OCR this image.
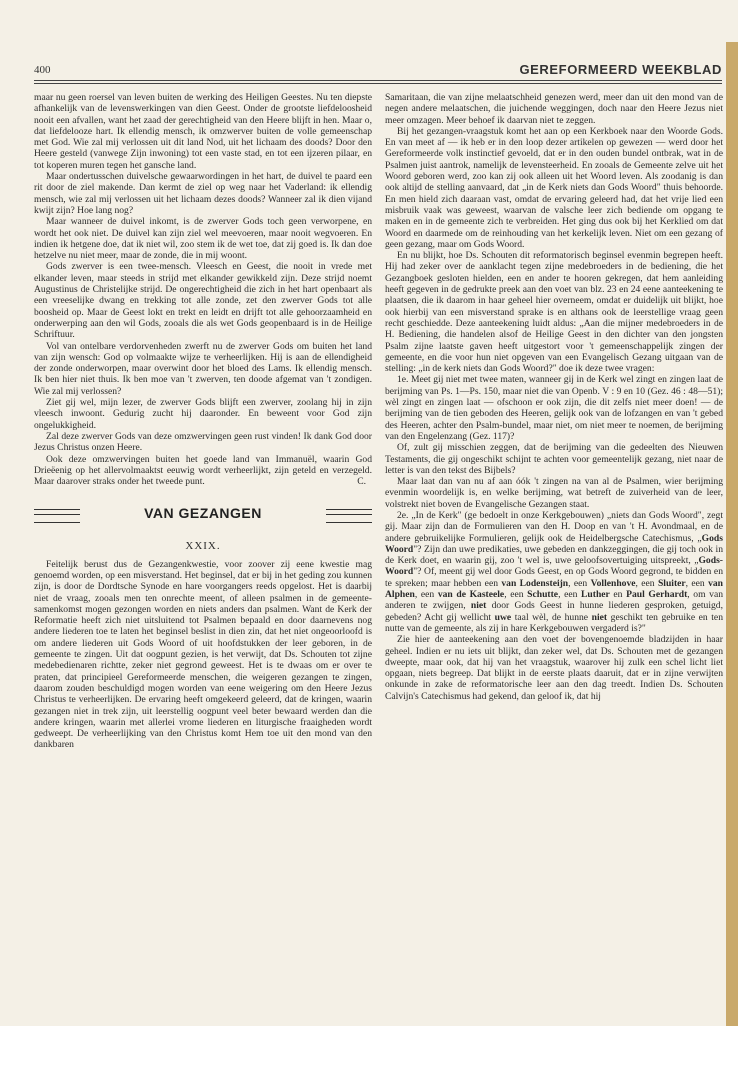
400	GEREFORMEERD WEEKBLAD

maar nu geen roersel van leven buiten de werking des Heiligen Geestes. Nu ten diepste afhankelijk van de levenswerkingen van dien Geest. Onder de grootste liefdeloosheid nooit een afvallen, want het zaad der gerechtigheid van den Heere blijft in hen. Maar o, dat liefdelooze hart. Ik ellendig mensch, ik omzwerver buiten de volle gemeenschap met God. Wie zal mij verlossen uit dit land Nod, uit het lichaam des doods? Door den Heere gesteld (vanwege Zijn inwoning) tot een vaste stad, en tot een ijzeren pilaar, en tot koperen muren tegen het gansche land.

Maar ondertusschen duivelsche gewaarwordingen in het hart, de duivel te paard een rit door de ziel makende. Dan kermt de ziel op weg naar het Vaderland: ik ellendig mensch, wie zal mij verlossen uit het lichaam dezes doods? Wanneer zal ik dien vijand kwijt zijn? Hoe lang nog?

Maar wanneer de duivel inkomt, is de zwerver Gods toch geen verworpene, en wordt het ook niet. De duivel kan zijn ziel wel meevoeren, maar nooit wegvoeren. En indien ik hetgene doe, dat ik niet wil, zoo stem ik de wet toe, dat zij goed is. Ik dan doe hetzelve nu niet meer, maar de zonde, die in mij woont.

Gods zwerver is een twee-mensch. Vleesch en Geest, die nooit in vrede met elkander leven, maar steeds in strijd met elkander gewikkeld zijn. Deze strijd noemt Augustinus de Christelijke strijd. De ongerechtigheid die zich in het hart openbaart als een vreeselijke dwang en trekking tot alle zonde, zet den zwerver Gods tot alle boosheid op. Maar de Geest lokt en trekt en leidt en drijft tot alle gehoorzaamheid en onderwerping aan den wil Gods, zooals die als wet Gods geopenbaard is in de Heilige Schriftuur.

Vol van ontelbare verdorvenheden zwerft nu de zwerver Gods om buiten het land van zijn wensch: God op volmaakte wijze te verheerlijken. Hij is aan de ellendigheid der zonde onderworpen, maar overwint door het bloed des Lams. Ik ellendig mensch. Ik ben hier niet thuis. Ik ben moe van 't zwerven, ten doode afgemat van 't zondigen. Wie zal mij verlossen?

Ziet gij wel, mijn lezer, de zwerver Gods blijft een zwerver, zoolang hij in zijn vleesch inwoont. Gedurig zucht hij daaronder. En beweent voor God zijn ongelukkigheid.

Zal deze zwerver Gods van deze omzwervingen geen rust vinden! Ik dank God door Jezus Christus onzen Heere.

Ook deze omzwervingen buiten het goede land van Immanuël, waarin God Drieëenig op het allervolmaaktst eeuwig wordt verheerlijkt, zijn geteld en verzegeld. Maar daarover straks onder het tweede punt.	C.

VAN GEZANGEN
XXIX.

Feitelijk berust dus de Gezangenkwestie, voor zoover zij eene kwestie mag genoemd worden, op een misverstand. Het beginsel, dat er bij in het geding zou kunnen zijn, is door de Dordtsche Synode en hare voorgangers reeds opgelost. Het is daarbij niet de vraag, zooals men ten onrechte meent, of alleen psalmen in de gemeente-samenkomst mogen gezongen worden en niets anders dan psalmen. Want de Kerk der Reformatie heeft zich niet uitsluitend tot Psalmen bepaald en door daarnevens nog andere liederen toe te laten het beginsel beslist in dien zin, dat het niet ongeoorloofd is om andere liederen uit Gods Woord of uit hoofdstukken der leer geboren, in de gemeente te zingen. Uit dat oogpunt gezien, is het verwijt, dat Ds. Schouten tot zijne medebedienaren richtte, zeker niet gegrond geweest. Het is te dwaas om er over te praten, dat principieel Gereformeerde menschen, die weigeren gezangen te zingen, daarom zouden beschuldigd mogen worden van eene weigering om den Heere Jezus Christus te verheerlijken. De ervaring heeft omgekeerd geleerd, dat de kringen, waarin gezangen niet in trek zijn, uit leerstellig oogpunt veel beter bewaard werden dan die andere kringen, waarin met allerlei vrome liederen en liturgische fraaigheden wordt gedweept. De verheerlijking van den Christus komt Hem toe uit den mond van den dankbaren

Samaritaan, die van zijne melaatschheid genezen werd, meer dan uit den mond van de negen andere melaatschen, die juichende weggingen, doch naar den Heere Jezus niet meer omzagen. Meer behoef ik daarvan niet te zeggen.

Bij het gezangen-vraagstuk komt het aan op een Kerkboek naar den Woorde Gods. En van meet af — ik heb er in den loop dezer artikelen op gewezen — werd door het Gereformeerde volk instinctief gevoeld, dat er in den ouden bundel ontbrak, wat in de Psalmen juist aantrok, namelijk de levensteerheid. En zooals de Gemeente zelve uit het Woord geboren werd, zoo kan zij ook alleen uit het Woord leven. Als zoodanig is dan ook altijd de stelling aanvaard, dat „in de Kerk niets dan Gods Woord" thuis behoorde. En men hield zich daaraan vast, omdat de ervaring geleerd had, dat het vrije lied een misbruik vaak was geweest, waarvan de valsche leer zich bediende om opgang te maken en in de gemeente zich te verbreiden. Het ging dus ook bij het Kerklied om dat Woord en daarmede om de reinhouding van het kerkelijk leven. Niet om een gezang of geen gezang, maar om Gods Woord.

En nu blijkt, hoe Ds. Schouten dit reformatorisch beginsel evenmin begrepen heeft. Hij had zeker over de aanklacht tegen zijne medebroeders in de bediening, die het Gezangboek gesloten hielden, een en ander te hooren gekregen, dat hem aanleiding heeft gegeven in de gedrukte preek aan den voet van blz. 23 en 24 eene aanteekening te plaatsen, die ik daarom in haar geheel hier overneem, omdat er duidelijk uit blijkt, hoe ook hierbij van een misverstand sprake is en althans ook de leerstellige vraag geen recht geschiedde. Deze aanteekening luidt aldus: „Aan die mijner medebroeders in de H. Bediening, die handelen alsof de Heilige Geest in den dichter van den jongsten Psalm zijne laatste gaven heeft uitgestort voor 't gemeenschappelijk zingen der gemeente, en die voor hun niet opgeven van een Evangelisch Gezang uitgaan van de stelling: „in de kerk niets dan Gods Woord?" doe ik deze twee vragen:

1e. Meet gij niet met twee maten, wanneer gij in de Kerk wel zingt en zingen laat de berijming van Ps. 1—Ps. 150, maar niet die van Openb. V : 9 en 10 (Gez. 46 : 48—51); wèl zingt en zingen laat — ofschoon er ook zijn, die dit zelfs niet meer doen! — de berijming van de tien geboden des Heeren, gelijk ook van de lofzangen en van 't gebed des Heeren, achter den Psalm-bundel, maar niet, om niet meer te noemen, de berijming van den Engelenzang (Gez. 117)?

Of, zult gij misschien zeggen, dat de berijming van die gedeelten des Nieuwen Testaments, die gij ongeschikt schijnt te achten voor gemeentelijk gezang, niet naar de letter is van den tekst des Bijbels?

Maar laat dan van nu af aan óók 't zingen na van al de Psalmen, wier berijming evenmin woordelijk is, en welke berijming, wat betreft de zuiverheid van de leer, volstrekt niet boven de Evangelische Gezangen staat.

2e. „In de Kerk" (ge bedoelt in onze Kerkgebouwen) „niets dan Gods Woord", zegt gij. Maar zijn dan de Formulieren van den H. Doop en van 't H. Avondmaal, en de andere gebruikelijke Formulieren, gelijk ook de Heidelbergsche Catechismus, „Gods Woord"? Zijn dan uwe predikaties, uwe gebeden en dankzeggingen, die gij toch ook in de Kerk doet, en waarin gij, zoo 't wel is, uwe geloofsovertuiging uitspreekt, „Gods-Woord"? Of, meent gij wel door Gods Geest, en op Gods Woord gegrond, te bidden en te spreken; maar hebben een van Lodensteijn, een Vollenhove, een Sluiter, een van Alphen, een van de Kasteele, een Schutte, een Luther en Paul Gerhardt, om van anderen te zwijgen, niet door Gods Geest in hunne liederen gesproken, getuigd, gebeden? Acht gij wellicht uwe taal wèl, de hunne niet geschikt ten gebruike en ten nutte van de gemeente, als zij in hare Kerkgebouwen vergaderd is?"

Zie hier de aanteekening aan den voet der bovengenoemde bladzijden in haar geheel. Indien er nu iets uit blijkt, dan zeker wel, dat Ds. Schouten met de gezangen dweepte, maar ook, dat hij van het vraagstuk, waarover hij zulk een schel licht liet opgaan, niets begreep. Dat blijkt in de eerste plaats daaruit, dat er in zijne verwijten onkunde in zake de reformatorische leer aan den dag treedt. Indien Ds. Schouten Calvijn's Catechismus had gekend, dan geloof ik, dat hij
